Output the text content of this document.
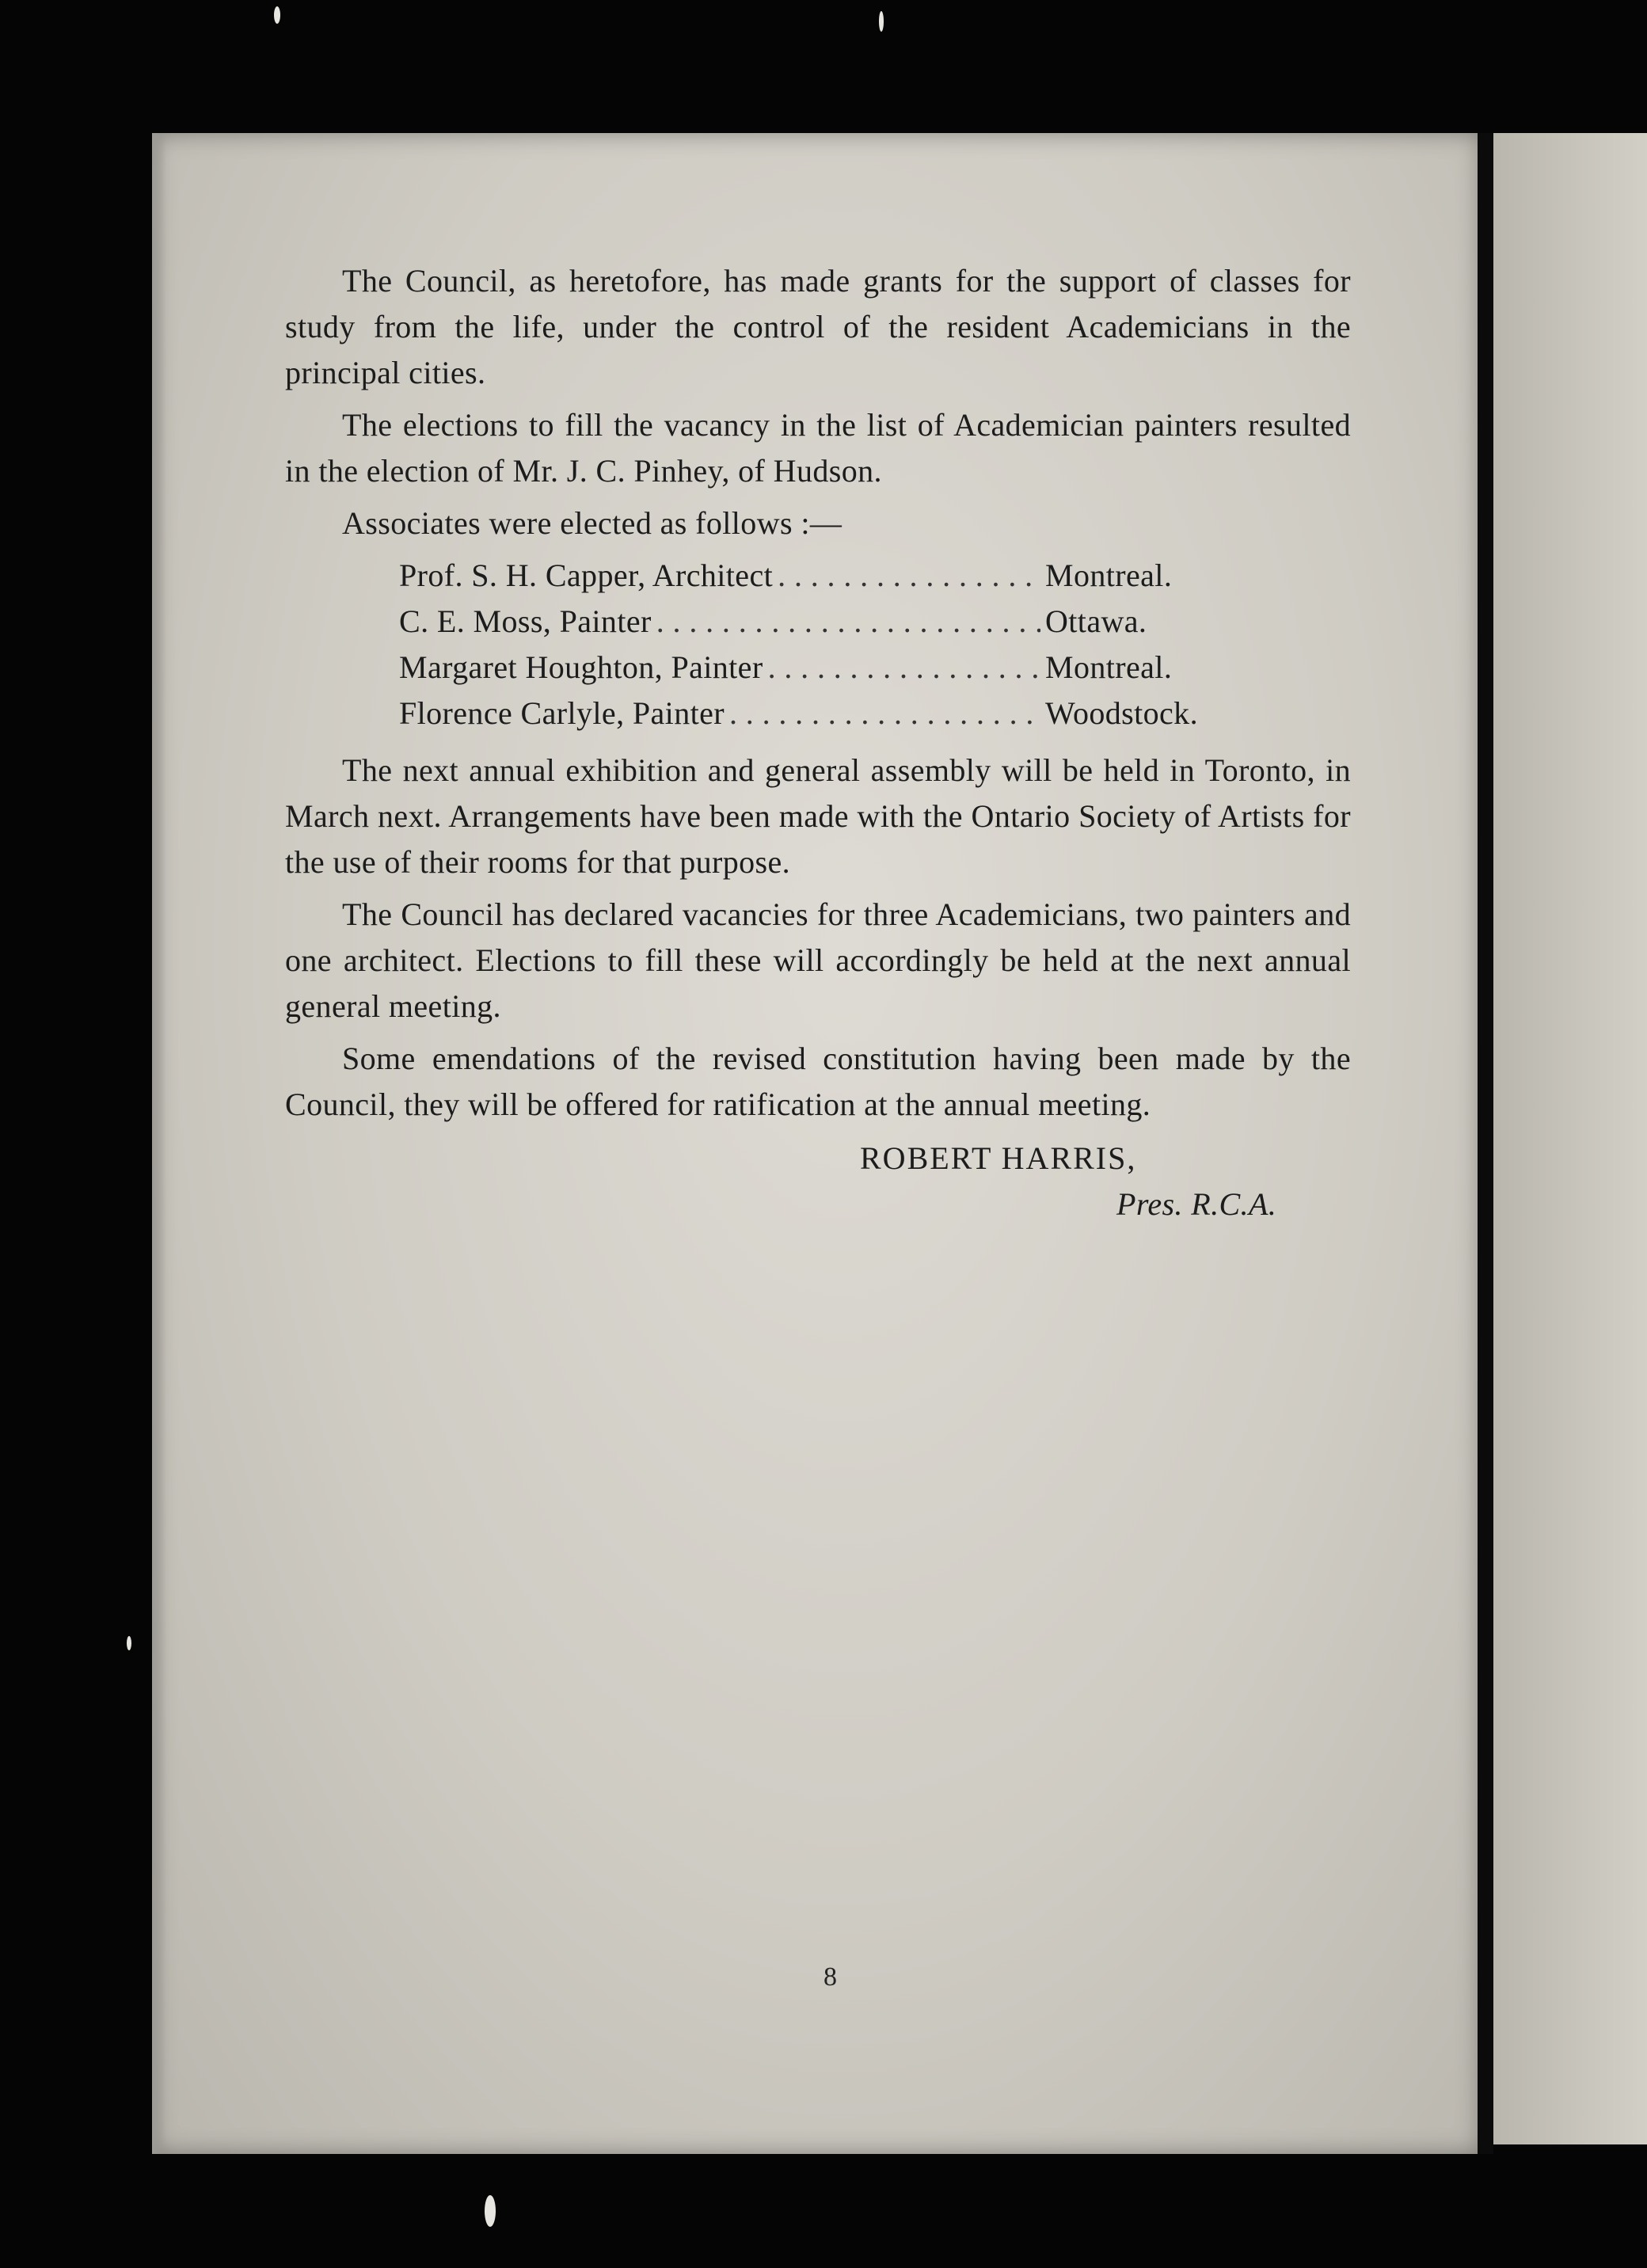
The Council, as heretofore, has made grants for the support of classes for study from the life, under the control of the resident Academicians in the principal cities.

The elections to fill the vacancy in the list of Academician painters resulted in the election of Mr. J. C. Pinhey, of Hudson.

Associates were elected as follows :—

Prof. S. H. Capper, Architect . . .	Montreal.
C. E. Moss, Painter . . .	Ottawa.
Margaret Houghton, Painter . . .	Montreal.
Florence Carlyle, Painter . . .	Woodstock.

The next annual exhibition and general assembly will be held in Toronto, in March next. Arrangements have been made with the Ontario Society of Artists for the use of their rooms for that purpose.

The Council has declared vacancies for three Academicians, two painters and one architect. Elections to fill these will accordingly be held at the next annual general meeting.

Some emendations of the revised constitution having been made by the Council, they will be offered for ratification at the annual meeting.

ROBERT HARRIS,
Pres. R.C.A.
8
